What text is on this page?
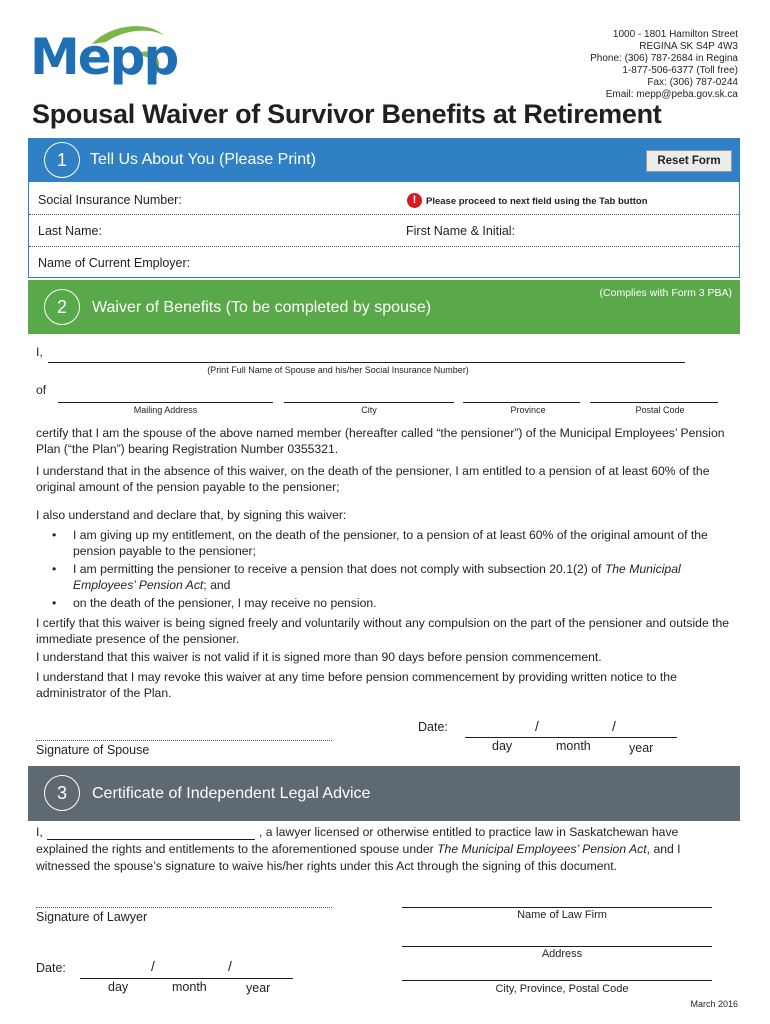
Mepp	1000 - 1801 Hamilton Street
REGINA SK S4P 4W3
Phone: (306) 787-2684 in Regina
1-877-506-6377 (Toll free)
Fax: (306) 787-0244
Email: mepp@peba.gov.sk.ca
Spousal Waiver of Survivor Benefits at Retirement
1	Tell Us About You (Please Print)	Reset Form
Social Insurance Number:	!	Please proceed to next field using the Tab button
Last Name:	First Name & Initial:
Name of Current Employer:
2	Waiver of Benefits (To be completed by spouse)
(Complies with Form 3 PBA)
I,
(Print Full Name of Spouse and his/her Social Insurance Number)
of
Mailing Address	City	Province	Postal Code
certify that I am the spouse of the above named member (hereafter called “the pensioner”) of the Municipal Employees’ Pension Plan (“the Plan”) bearing Registration Number 0355321.
I understand that in the absence of this waiver, on the death of the pensioner, I am entitled to a pension of at least 60% of the original amount of the pension payable to the pensioner;
I also understand and declare that, by signing this waiver:
• I am giving up my entitlement, on the death of the pensioner, to a pension of at least 60% of the original amount of the pension payable to the pensioner;
• I am permitting the pensioner to receive a pension that does not comply with subsection 20.1(2) of The Municipal Employees’ Pension Act; and
• on the death of the pensioner, I may receive no pension.
I certify that this waiver is being signed freely and voluntarily without any compulsion on the part of the pensioner and outside the immediate presence of the pensioner.
I understand that this waiver is not valid if it is signed more than 90 days before pension commencement.
I understand that I may revoke this waiver at any time before pension commencement by providing written notice to the administrator of the Plan.
Signature of Spouse
Date:	/	/
day	month	year
3	Certificate of Independent Legal Advice
I,	, a lawyer licensed or otherwise entitled to practice law in Saskatchewan have
explained the rights and entitlements to the aforementioned spouse under The Municipal Employees’ Pension Act, and I
witnessed the spouse’s signature to waive his/her rights under this Act through the signing of this document.
Signature of Lawyer	Name of Law Firm
Address
City, Province, Postal Code
Date:	/	/
day	month	year
March 2016
